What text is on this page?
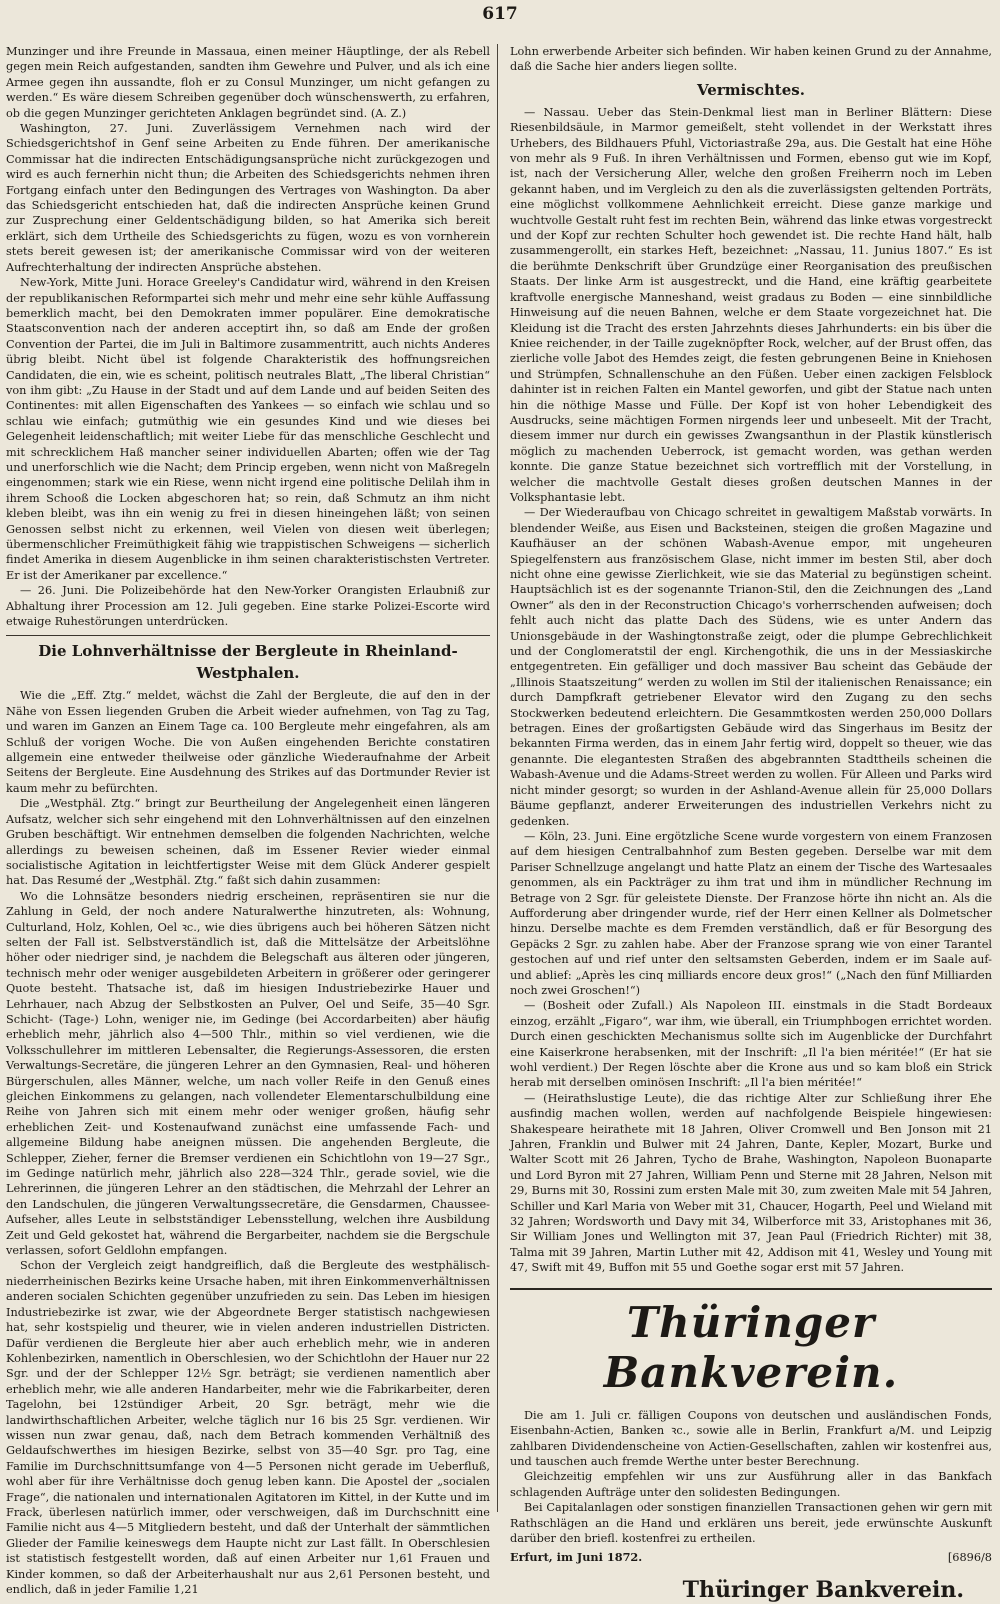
617

Munzinger und ihre Freunde in Massaua, einen meiner Häuptlinge, der als Rebell gegen mein Reich aufgestanden, sandten ihm Gewehre und Pulver, und als ich eine Armee gegen ihn aussandte, floh er zu Consul Munzinger, um nicht gefangen zu werden.“ Es wäre diesem Schreiben gegenüber doch wünschenswerth, zu erfahren, ob die gegen Munzinger gerichteten Anklagen begründet sind. (A. Z.)

Washington, 27. Juni. Zuverlässigem Vernehmen nach wird der Schiedsgerichtshof in Genf seine Arbeiten zu Ende führen. Der amerikanische Commissar hat die indirecten Entschädigungsansprüche nicht zurückgezogen und wird es auch fernerhin nicht thun; die Arbeiten des Schiedsgerichts nehmen ihren Fortgang einfach unter den Bedingungen des Vertrages von Washington. Da aber das Schiedsgericht entschieden hat, daß die indirecten Ansprüche keinen Grund zur Zusprechung einer Geldentschädigung bilden, so hat Amerika sich bereit erklärt, sich dem Urtheile des Schiedsgerichts zu fügen, wozu es von vornherein stets bereit gewesen ist; der amerikanische Commissar wird von der weiteren Aufrechterhaltung der indirecten Ansprüche abstehen.

New-York, Mitte Juni. Horace Greeley's Candidatur wird, während in den Kreisen der republikanischen Reformpartei sich mehr und mehr eine sehr kühle Auffassung bemerklich macht, bei den Demokraten immer populärer. Eine demokratische Staatsconvention nach der anderen acceptirt ihn, so daß am Ende der großen Convention der Partei, die im Juli in Baltimore zusammentritt, auch nichts Anderes übrig bleibt. Nicht übel ist folgende Charakteristik des hoffnungsreichen Candidaten, die ein, wie es scheint, politisch neutrales Blatt, „The liberal Christian“ von ihm gibt: „Zu Hause in der Stadt und auf dem Lande und auf beiden Seiten des Continentes: mit allen Eigenschaften des Yankees — so einfach wie schlau und so schlau wie einfach; gutmüthig wie ein gesundes Kind und wie dieses bei Gelegenheit leidenschaftlich; mit weiter Liebe für das menschliche Geschlecht und mit schrecklichem Haß mancher seiner individuellen Abarten; offen wie der Tag und unerforschlich wie die Nacht; dem Princip ergeben, wenn nicht von Maßregeln eingenommen; stark wie ein Riese, wenn nicht irgend eine politische Delilah ihm in ihrem Schooß die Locken abgeschoren hat; so rein, daß Schmutz an ihm nicht kleben bleibt, was ihn ein wenig zu frei in diesen hineingehen läßt; von seinen Genossen selbst nicht zu erkennen, weil Vielen von diesen weit überlegen; übermenschlicher Freimüthigkeit fähig wie trappistischen Schweigens — sicherlich findet Amerika in diesem Augenblicke in ihm seinen charakteristischsten Vertreter. Er ist der Amerikaner par excellence.“

— 26. Juni. Die Polizeibehörde hat den New-Yorker Orangisten Erlaubniß zur Abhaltung ihrer Procession am 12. Juli gegeben. Eine starke Polizei-Escorte wird etwaige Ruhestörungen unterdrücken.

Die Lohnverhältnisse der Bergleute in Rheinland-Westphalen.

Wie die „Eff. Ztg.“ meldet, wächst die Zahl der Bergleute, die auf den in der Nähe von Essen liegenden Gruben die Arbeit wieder aufnehmen, von Tag zu Tag, und waren im Ganzen an Einem Tage ca. 100 Bergleute mehr eingefahren, als am Schluß der vorigen Woche. Die von Außen eingehenden Berichte constatiren allgemein eine entweder theilweise oder gänzliche Wiederaufnahme der Arbeit Seitens der Bergleute. Eine Ausdehnung des Strikes auf das Dortmunder Revier ist kaum mehr zu befürchten.

Die „Westphäl. Ztg.“ bringt zur Beurtheilung der Angelegenheit einen längeren Aufsatz, welcher sich sehr eingehend mit den Lohnverhältnissen auf den einzelnen Gruben beschäftigt. Wir entnehmen demselben die folgenden Nachrichten, welche allerdings zu beweisen scheinen, daß im Essener Revier wieder einmal socialistische Agitation in leichtfertigster Weise mit dem Glück Anderer gespielt hat. Das Resumé der „Westphäl. Ztg.“ faßt sich dahin zusammen:

Wo die Lohnsätze besonders niedrig erscheinen, repräsentiren sie nur die Zahlung in Geld, der noch andere Naturalwerthe hinzutreten, als: Wohnung, Culturland, Holz, Kohlen, Oel ꝛc., wie dies übrigens auch bei höheren Sätzen nicht selten der Fall ist. Selbstverständlich ist, daß die Mittelsätze der Arbeitslöhne höher oder niedriger sind, je nachdem die Belegschaft aus älteren oder jüngeren, technisch mehr oder weniger ausgebildeten Arbeitern in größerer oder geringerer Quote besteht. Thatsache ist, daß im hiesigen Industriebezirke Hauer und Lehrhauer, nach Abzug der Selbstkosten an Pulver, Oel und Seife, 35—40 Sgr. Schicht- (Tage-) Lohn, weniger nie, im Gedinge (bei Accordarbeiten) aber häufig erheblich mehr, jährlich also 4—500 Thlr., mithin so viel verdienen, wie die Volksschullehrer im mittleren Lebensalter, die Regierungs-Assessoren, die ersten Verwaltungs-Secretäre, die jüngeren Lehrer an den Gymnasien, Real- und höheren Bürgerschulen, alles Männer, welche, um nach voller Reife in den Genuß eines gleichen Einkommens zu gelangen, nach vollendeter Elementarschulbildung eine Reihe von Jahren sich mit einem mehr oder weniger großen, häufig sehr erheblichen Zeit- und Kostenaufwand zunächst eine umfassende Fach- und allgemeine Bildung habe aneignen müssen. Die angehenden Bergleute, die Schlepper, Zieher, ferner die Bremser verdienen ein Schichtlohn von 19—27 Sgr., im Gedinge natürlich mehr, jährlich also 228—324 Thlr., gerade soviel, wie die Lehrerinnen, die jüngeren Lehrer an den städtischen, die Mehrzahl der Lehrer an den Landschulen, die jüngeren Verwaltungssecretäre, die Gensdarmen, Chaussee-Aufseher, alles Leute in selbstständiger Lebensstellung, welchen ihre Ausbildung Zeit und Geld gekostet hat, während die Bergarbeiter, nachdem sie die Bergschule verlassen, sofort Geldlohn empfangen.

Schon der Vergleich zeigt handgreiflich, daß die Bergleute des westphälisch-niederrheinischen Bezirks keine Ursache haben, mit ihren Einkommenverhältnissen anderen socialen Schichten gegenüber unzufrieden zu sein. Das Leben im hiesigen Industriebezirke ist zwar, wie der Abgeordnete Berger statistisch nachgewiesen hat, sehr kostspielig und theurer, wie in vielen anderen industriellen Districten. Dafür verdienen die Bergleute hier aber auch erheblich mehr, wie in anderen Kohlenbezirken, namentlich in Oberschlesien, wo der Schichtlohn der Hauer nur 22 Sgr. und der der Schlepper 12½ Sgr. beträgt; sie verdienen namentlich aber erheblich mehr, wie alle anderen Handarbeiter, mehr wie die Fabrikarbeiter, deren Tagelohn, bei 12stündiger Arbeit, 20 Sgr. beträgt, mehr wie die landwirthschaftlichen Arbeiter, welche täglich nur 16 bis 25 Sgr. verdienen. Wir wissen nun zwar genau, daß, nach dem Betrach kommenden Verhältniß des Geldaufschwerthes im hiesigen Bezirke, selbst von 35—40 Sgr. pro Tag, eine Familie im Durchschnittsumfange von 4—5 Personen nicht gerade im Ueberfluß, wohl aber für ihre Verhältnisse doch genug leben kann. Die Apostel der „socialen Frage“, die nationalen und internationalen Agitatoren im Kittel, in der Kutte und im Frack, überlesen natürlich immer, oder verschweigen, daß im Durchschnitt eine Familie nicht aus 4—5 Mitgliedern besteht, und daß der Unterhalt der sämmtlichen Glieder der Familie keineswegs dem Haupte nicht zur Last fällt. In Oberschlesien ist statistisch festgestellt worden, daß auf einen Arbeiter nur 1,61 Frauen und Kinder kommen, so daß der Arbeiterhaushalt nur aus 2,61 Personen besteht, und endlich, daß in jeder Familie 1,21

Lohn erwerbende Arbeiter sich befinden. Wir haben keinen Grund zu der Annahme, daß die Sache hier anders liegen sollte.

Vermischtes.

— Nassau. Ueber das Stein-Denkmal liest man in Berliner Blättern: Diese Riesenbildsäule, in Marmor gemeißelt, steht vollendet in der Werkstatt ihres Urhebers, des Bildhauers Pfuhl, Victoriastraße 29a, aus. Die Gestalt hat eine Höhe von mehr als 9 Fuß. In ihren Verhältnissen und Formen, ebenso gut wie im Kopf, ist, nach der Versicherung Aller, welche den großen Freiherrn noch im Leben gekannt haben, und im Vergleich zu den als die zuverlässigsten geltenden Porträts, eine möglichst vollkommene Aehnlichkeit erreicht. Diese ganze markige und wuchtvolle Gestalt ruht fest im rechten Bein, während das linke etwas vorgestreckt und der Kopf zur rechten Schulter hoch gewendet ist. Die rechte Hand hält, halb zusammengerollt, ein starkes Heft, bezeichnet: „Nassau, 11. Junius 1807.“ Es ist die berühmte Denkschrift über Grundzüge einer Reorganisation des preußischen Staats. Der linke Arm ist ausgestreckt, und die Hand, eine kräftig gearbeitete kraftvolle energische Manneshand, weist gradaus zu Boden — eine sinnbildliche Hinweisung auf die neuen Bahnen, welche er dem Staate vorgezeichnet hat. Die Kleidung ist die Tracht des ersten Jahrzehnts dieses Jahrhunderts: ein bis über die Kniee reichender, in der Taille zugeknöpfter Rock, welcher, auf der Brust offen, das zierliche volle Jabot des Hemdes zeigt, die festen gebrungenen Beine in Kniehosen und Strümpfen, Schnallenschuhe an den Füßen. Ueber einen zackigen Felsblock dahinter ist in reichen Falten ein Mantel geworfen, und gibt der Statue nach unten hin die nöthige Masse und Fülle. Der Kopf ist von hoher Lebendigkeit des Ausdrucks, seine mächtigen Formen nirgends leer und unbeseelt. Mit der Tracht, diesem immer nur durch ein gewisses Zwangsanthun in der Plastik künstlerisch möglich zu machenden Ueberrock, ist gemacht worden, was gethan werden konnte. Die ganze Statue bezeichnet sich vortrefflich mit der Vorstellung, in welcher die machtvolle Gestalt dieses großen deutschen Mannes in der Volksphantasie lebt.

— Der Wiederaufbau von Chicago schreitet in gewaltigem Maßstab vorwärts. In blendender Weiße, aus Eisen und Backsteinen, steigen die großen Magazine und Kaufhäuser an der schönen Wabash-Avenue empor, mit ungeheuren Spiegelfenstern aus französischem Glase, nicht immer im besten Stil, aber doch nicht ohne eine gewisse Zierlichkeit, wie sie das Material zu begünstigen scheint. Hauptsächlich ist es der sogenannte Trianon-Stil, den die Zeichnungen des „Land Owner“ als den in der Reconstruction Chicago's vorherrschenden aufweisen; doch fehlt auch nicht das platte Dach des Südens, wie es unter Andern das Unionsgebäude in der Washingtonstraße zeigt, oder die plumpe Gebrechlichkeit und der Conglomeratstil der engl. Kirchengothik, die uns in der Messiaskirche entgegentreten. Ein gefälliger und doch massiver Bau scheint das Gebäude der „Illinois Staatszeitung“ werden zu wollen im Stil der italienischen Renaissance; ein durch Dampfkraft getriebener Elevator wird den Zugang zu den sechs Stockwerken bedeutend erleichtern. Die Gesammtkosten werden 250,000 Dollars betragen. Eines der großartigsten Gebäude wird das Singerhaus im Besitz der bekannten Firma werden, das in einem Jahr fertig wird, doppelt so theuer, wie das genannte. Die elegantesten Straßen des abgebrannten Stadttheils scheinen die Wabash-Avenue und die Adams-Street werden zu wollen. Für Alleen und Parks wird nicht minder gesorgt; so wurden in der Ashland-Avenue allein für 25,000 Dollars Bäume gepflanzt, anderer Erweiterungen des industriellen Verkehrs nicht zu gedenken.

— Köln, 23. Juni. Eine ergötzliche Scene wurde vorgestern von einem Franzosen auf dem hiesigen Centralbahnhof zum Besten gegeben. Derselbe war mit dem Pariser Schnellzuge angelangt und hatte Platz an einem der Tische des Wartesaales genommen, als ein Packträger zu ihm trat und ihm in mündlicher Rechnung im Betrage von 2 Sgr. für geleistete Dienste. Der Franzose hörte ihn nicht an. Als die Aufforderung aber dringender wurde, rief der Herr einen Kellner als Dolmetscher hinzu. Derselbe machte es dem Fremden verständlich, daß er für Besorgung des Gepäcks 2 Sgr. zu zahlen habe. Aber der Franzose sprang wie von einer Tarantel gestochen auf und rief unter den seltsamsten Geberden, indem er im Saale auf- und ablief: „Après les cinq milliards encore deux gros!“ („Nach den fünf Milliarden noch zwei Groschen!“)

— (Bosheit oder Zufall.) Als Napoleon III. einstmals in die Stadt Bordeaux einzog, erzählt „Figaro“, war ihm, wie überall, ein Triumphbogen errichtet worden. Durch einen geschickten Mechanismus sollte sich im Augenblicke der Durchfahrt eine Kaiserkrone herabsenken, mit der Inschrift: „Il l'a bien méritée!“ (Er hat sie wohl verdient.) Der Regen löschte aber die Krone aus und so kam bloß ein Strick herab mit derselben ominösen Inschrift: „Il l'a bien méritée!“

— (Heirathslustige Leute), die das richtige Alter zur Schließung ihrer Ehe ausfindig machen wollen, werden auf nachfolgende Beispiele hingewiesen: Shakespeare heirathete mit 18 Jahren, Oliver Cromwell und Ben Jonson mit 21 Jahren, Franklin und Bulwer mit 24 Jahren, Dante, Kepler, Mozart, Burke und Walter Scott mit 26 Jahren, Tycho de Brahe, Washington, Napoleon Buonaparte und Lord Byron mit 27 Jahren, William Penn und Sterne mit 28 Jahren, Nelson mit 29, Burns mit 30, Rossini zum ersten Male mit 30, zum zweiten Male mit 54 Jahren, Schiller und Karl Maria von Weber mit 31, Chaucer, Hogarth, Peel und Wieland mit 32 Jahren; Wordsworth und Davy mit 34, Wilberforce mit 33, Aristophanes mit 36, Sir William Jones und Wellington mit 37, Jean Paul (Friedrich Richter) mit 38, Talma mit 39 Jahren, Martin Luther mit 42, Addison mit 41, Wesley und Young mit 47, Swift mit 49, Buffon mit 55 und Goethe sogar erst mit 57 Jahren.

Thüringer Bankverein.

Die am 1. Juli cr. fälligen Coupons von deutschen und ausländischen Fonds, Eisenbahn-Actien, Banken ꝛc., sowie alle in Berlin, Frankfurt a/M. und Leipzig zahlbaren Dividendenscheine von Actien-Gesellschaften, zahlen wir kostenfrei aus, und tauschen auch fremde Werthe unter bester Berechnung.

Gleichzeitig empfehlen wir uns zur Ausführung aller in das Bankfach schlagenden Aufträge unter den solidesten Bedingungen.

Bei Capitalanlagen oder sonstigen finanziellen Transactionen gehen wir gern mit Rathschlägen an die Hand und erklären uns bereit, jede erwünschte Auskunft darüber den briefl. kostenfrei zu ertheilen.

Erfurt, im Juni 1872.	[6896/8
Thüringer Bankverein.
